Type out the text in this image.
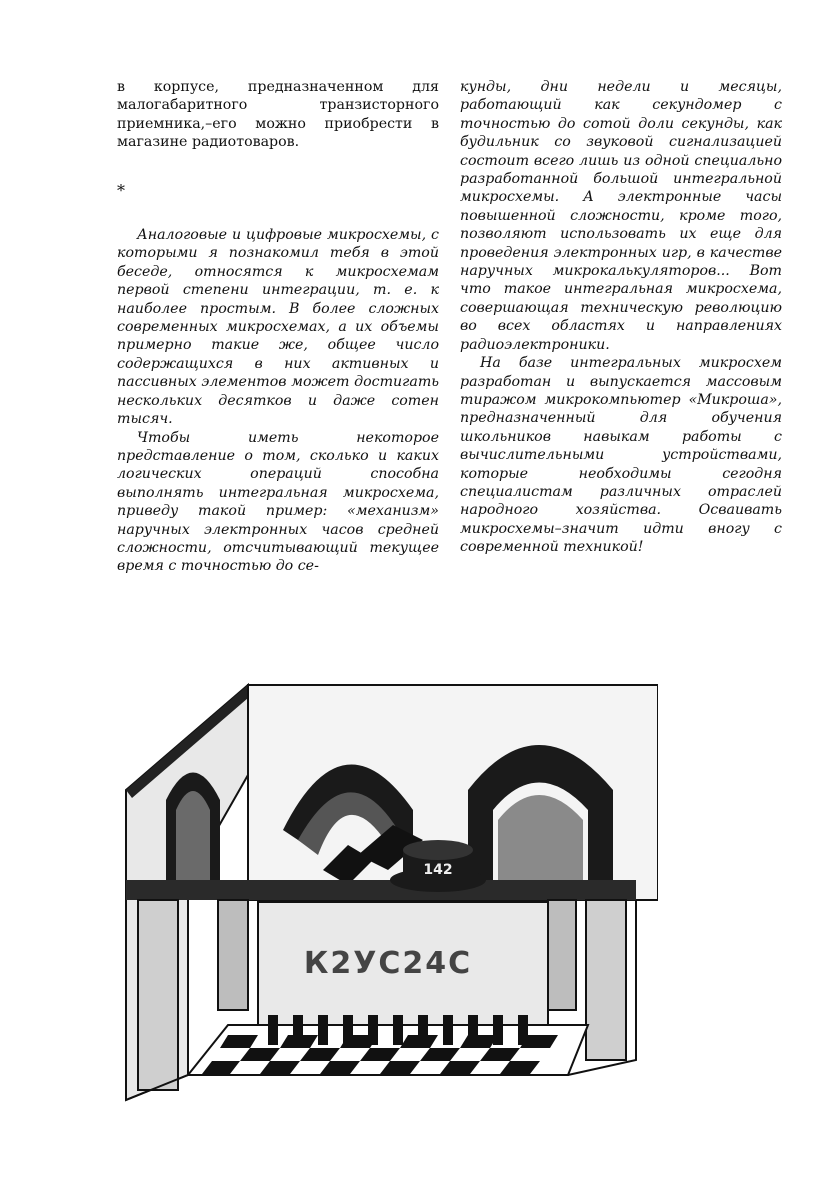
в корпусе, предназначенном для малогабаритного транзисторного приемника,–его можно приобрести в магазине радиотоваров.

*

Аналоговые и цифровые микросхемы, с которыми я познакомил тебя в этой беседе, относятся к микросхемам первой степени интеграции, т. е. к наиболее простым. В более сложных современных микросхемах, а их объемы примерно такие же, общее число содержащихся в них активных и пассивных элементов может достигать нескольких десятков и даже сотен тысяч.

Чтобы иметь некоторое представление о том, сколько и каких логических операций способна выполнять интегральная микросхема, приведу такой пример: «механизм» наручных электронных часов средней сложности, отсчитывающий текущее время с точностью до се-

кунды, дни недели и месяцы, работающий как секундомер с точностью до сотой доли секунды, как будильник со звуковой сигнализацией состоит всего лишь из одной специально разработанной большой интегральной микросхемы. А электронные часы повышенной сложности, кроме того, позволяют использовать их еще для проведения электронных игр, в качестве наручных микрокалькуляторов... Вот что такое интегральная микросхема, совершающая техническую революцию во всех областях и направлениях радиоэлектроники.

На базе интегральных микросхем разработан и выпускается массовым тиражом микрокомпьютер «Микроша», предназначенный для обучения школьников навыкам работы с вычислительными устройствами, которые необходимы сегодня специалистам различных отраслей народного хозяйства. Осваивать микросхемы–значит идти вногу с современной техникой!

К2УС24С
142
